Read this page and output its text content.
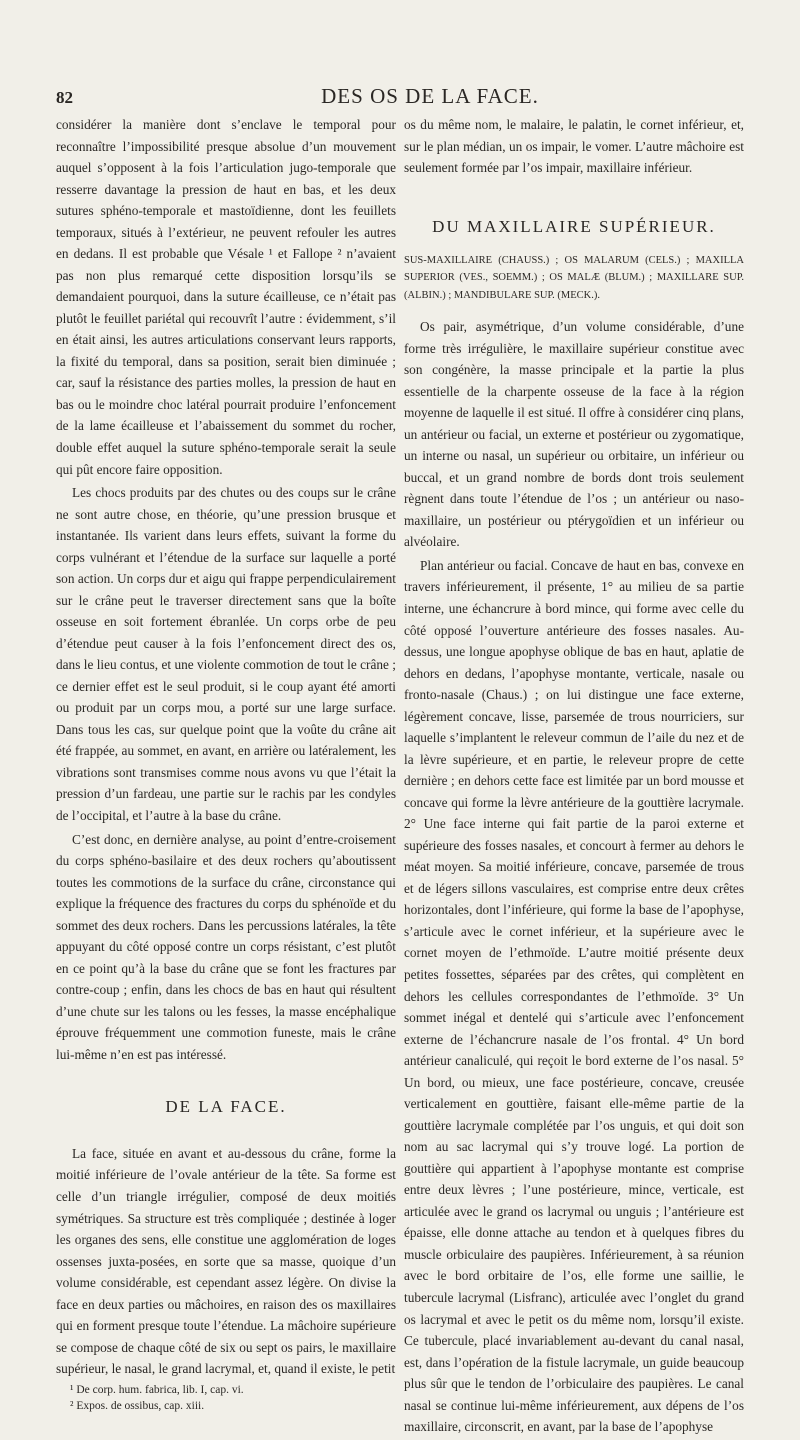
82	DES OS DE LA FACE.

considérer la manière dont s’enclave le temporal pour reconnaître l’impossibilité presque absolue d’un mouvement auquel s’opposent à la fois l’articulation jugo-temporale que resserre davantage la pression de haut en bas, et les deux sutures sphéno-temporale et mastoïdienne, dont les feuillets temporaux, situés à l’extérieur, ne peuvent refouler les autres en dedans. Il est probable que Vésale ¹ et Fallope ² n’avaient pas non plus remarqué cette disposition lorsqu’ils se demandaient pourquoi, dans la suture écailleuse, ce n’était pas plutôt le feuillet pariétal qui recouvrît l’autre : évidemment, s’il en était ainsi, les autres articulations conservant leurs rapports, la fixité du temporal, dans sa position, serait bien diminuée ; car, sauf la résistance des parties molles, la pression de haut en bas ou le moindre choc latéral pourrait produire l’enfoncement de la lame écailleuse et l’abaissement du sommet du rocher, double effet auquel la suture sphéno-temporale serait la seule qui pût encore faire opposition.

Les chocs produits par des chutes ou des coups sur le crâne ne sont autre chose, en théorie, qu’une pression brusque et instantanée. Ils varient dans leurs effets, suivant la forme du corps vulnérant et l’étendue de la surface sur laquelle a porté son action. Un corps dur et aigu qui frappe perpendiculairement sur le crâne peut le traverser directement sans que la boîte osseuse en soit fortement ébranlée. Un corps orbe de peu d’étendue peut causer à la fois l’enfoncement direct des os, dans le lieu contus, et une violente commotion de tout le crâne ; ce dernier effet est le seul produit, si le coup ayant été amorti ou produit par un corps mou, a porté sur une large surface. Dans tous les cas, sur quelque point que la voûte du crâne ait été frappée, au sommet, en avant, en arrière ou latéralement, les vibrations sont transmises comme nous avons vu que l’était la pression d’un fardeau, une partie sur le rachis par les condyles de l’occipital, et l’autre à la base du crâne.

C’est donc, en dernière analyse, au point d’entre-croisement du corps sphéno-basilaire et des deux rochers qu’aboutissent toutes les commotions de la surface du crâne, circonstance qui explique la fréquence des fractures du corps du sphénoïde et du sommet des deux rochers. Dans les percussions latérales, la tête appuyant du côté opposé contre un corps résistant, c’est plutôt en ce point qu’à la base du crâne que se font les fractures par contre-coup ; enfin, dans les chocs de bas en haut qui résultent d’une chute sur les talons ou les fesses, la masse encéphalique éprouve fréquemment une commotion funeste, mais le crâne lui-même n’en est pas intéressé.

DE LA FACE.

La face, située en avant et au-dessous du crâne, forme la moitié inférieure de l’ovale antérieur de la tête. Sa forme est celle d’un triangle irrégulier, composé de deux moitiés symétriques. Sa structure est très compliquée ; destinée à loger les organes des sens, elle constitue une agglomération de loges ossenses juxta-posées, en sorte que sa masse, quoique d’un volume considérable, est cependant assez légère. On divise la face en deux parties ou mâchoires, en raison des os maxillaires qui en forment presque toute l’étendue. La mâchoire supérieure se compose de chaque côté de six ou sept os pairs, le maxillaire supérieur, le nasal, le grand lacrymal, et, quand il existe, le petit

¹ De corp. hum. fabrica, lib. I, cap. vi.

² Expos. de ossibus, cap. xiii.

os du même nom, le malaire, le palatin, le cornet inférieur, et, sur le plan médian, un os impair, le vomer. L’autre mâchoire est seulement formée par l’os impair, maxillaire inférieur.

DU MAXILLAIRE SUPÉRIEUR.
SUS-MAXILLAIRE (CHAUSS.) ; OS MALARUM (CELS.) ; MAXILLA SUPERIOR (VES., SOEMM.) ; OS MALÆ (BLUM.) ; MAXILLARE SUP. (ALBIN.) ; MANDIBULARE SUP. (MECK.).

Os pair, asymétrique, d’un volume considérable, d’une forme très irrégulière, le maxillaire supérieur constitue avec son congénère, la masse principale et la partie la plus essentielle de la charpente osseuse de la face à la région moyenne de laquelle il est situé. Il offre à considérer cinq plans, un antérieur ou facial, un externe et postérieur ou zygomatique, un interne ou nasal, un supérieur ou orbitaire, un inférieur ou buccal, et un grand nombre de bords dont trois seulement règnent dans toute l’étendue de l’os ; un antérieur ou naso-maxillaire, un postérieur ou ptérygoïdien et un inférieur ou alvéolaire.

Plan antérieur ou facial. Concave de haut en bas, convexe en travers inférieurement, il présente, 1° au milieu de sa partie interne, une échancrure à bord mince, qui forme avec celle du côté opposé l’ouverture antérieure des fosses nasales. Au-dessus, une longue apophyse oblique de bas en haut, aplatie de dehors en dedans, l’apophyse montante, verticale, nasale ou fronto-nasale (Chaus.) ; on lui distingue une face externe, légèrement concave, lisse, parsemée de trous nourriciers, sur laquelle s’implantent le releveur commun de l’aile du nez et de la lèvre supérieure, et en partie, le releveur propre de cette dernière ; en dehors cette face est limitée par un bord mousse et concave qui forme la lèvre antérieure de la gouttière lacrymale. 2° Une face interne qui fait partie de la paroi externe et supérieure des fosses nasales, et concourt à fermer au dehors le méat moyen. Sa moitié inférieure, concave, parsemée de trous et de légers sillons vasculaires, est comprise entre deux crêtes horizontales, dont l’inférieure, qui forme la base de l’apophyse, s’articule avec le cornet inférieur, et la supérieure avec le cornet moyen de l’ethmoïde. L’autre moitié présente deux petites fossettes, séparées par des crêtes, qui complètent en dehors les cellules correspondantes de l’ethmoïde. 3° Un sommet inégal et dentelé qui s’articule avec l’enfoncement externe de l’échancrure nasale de l’os frontal. 4° Un bord antérieur canaliculé, qui reçoit le bord externe de l’os nasal. 5° Un bord, ou mieux, une face postérieure, concave, creusée verticalement en gouttière, faisant elle-même partie de la gouttière lacrymale complétée par l’os unguis, et qui doit son nom au sac lacrymal qui s’y trouve logé. La portion de gouttière qui appartient à l’apophyse montante est comprise entre deux lèvres ; l’une postérieure, mince, verticale, est articulée avec le grand os lacrymal ou unguis ; l’antérieure est épaisse, elle donne attache au tendon et à quelques fibres du muscle orbiculaire des paupières. Inférieurement, à sa réunion avec le bord orbitaire de l’os, elle forme une saillie, le tubercule lacrymal (Lisfranc), articulée avec l’onglet du grand os lacrymal et avec le petit os du même nom, lorsqu’il existe. Ce tubercule, placé invariablement au-devant du canal nasal, est, dans l’opération de la fistule lacrymale, un guide beaucoup plus sûr que le tendon de l’orbiculaire des paupières. Le canal nasal se continue lui-même inférieurement, aux dépens de l’os maxillaire, circonscrit, en avant, par la base de l’apophyse
